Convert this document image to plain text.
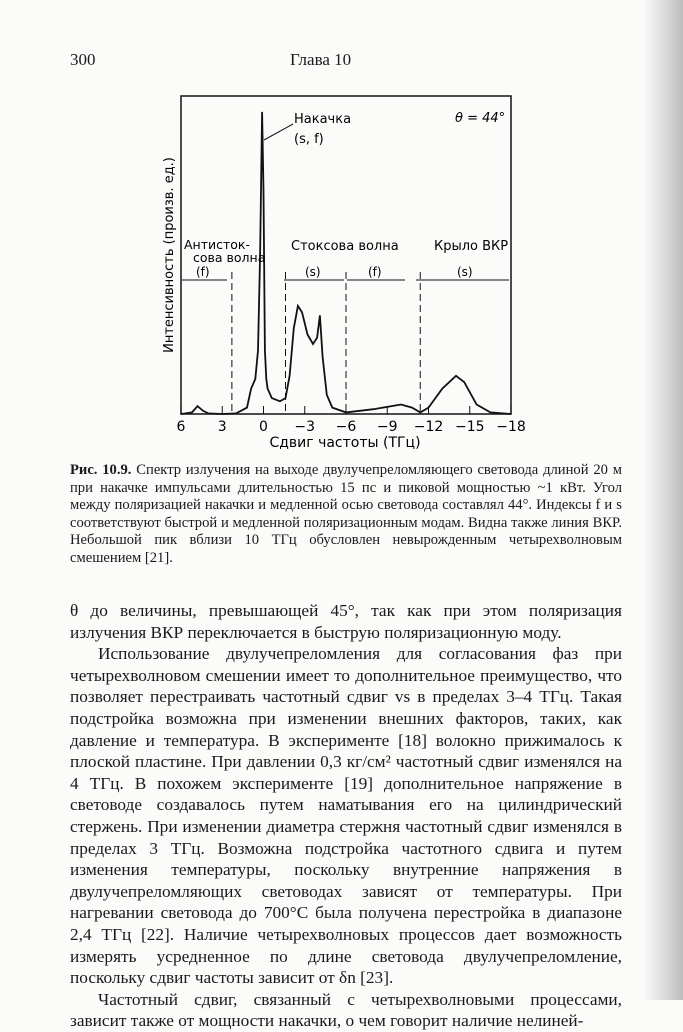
300	Глава 10
6 3 0 −3 −6 −9 −12 −15 −18
Сдвиг частоты (ТГц)
Интенсивность (произв. ед.)
θ = 44°
Накачка
(s, f)
Антисток-
сова волна
Стоксова волна	Крыло ВКР
(f)	(s)	(f)	(s)
Рис. 10.9. Спектр излучения на выходе двулучепреломляющего световода длиной 20 м при накачке импульсами длительностью 15 пс и пиковой мощностью ~1 кВт. Угол между поляризацией накачки и медленной осью световода составлял 44°. Индексы f и s соответствуют быстрой и медленной поляризационным модам. Видна также линия ВКР. Небольшой пик вблизи 10 ТГц обусловлен невырожденным четырехволновым смешением [21].

θ до величины, превышающей 45°, так как при этом поляризация излучения ВКР переключается в быструю поляризационную моду.

Использование двулучепреломления для согласования фаз при четырехволновом смешении имеет то дополнительное преимущество, что позволяет перестраивать частотный сдвиг vs в пределах 3–4 ТГц. Такая подстройка возможна при изменении внешних факторов, таких, как давление и температура. В эксперименте [18] волокно прижималось к плоской пластине. При давлении 0,3 кг/см² частотный сдвиг изменялся на 4 ТГц. В похожем эксперименте [19] дополнительное напряжение в световоде создавалось путем наматывания его на цилиндрический стержень. При изменении диаметра стержня частотный сдвиг изменялся в пределах 3 ТГц. Возможна подстройка частотного сдвига и путем изменения температуры, поскольку внутренние напряжения в двулучепреломляющих световодах зависят от температуры. При нагревании световода до 700°С была получена перестройка в диапазоне 2,4 ТГц [22]. Наличие четырехволновых процессов дает возможность измерять усредненное по длине световода двулучепреломление, поскольку сдвиг частоты зависит от δn [23].

Частотный сдвиг, связанный с четырехволновыми процессами, зависит также от мощности накачки, о чем говорит наличие нелиней-
